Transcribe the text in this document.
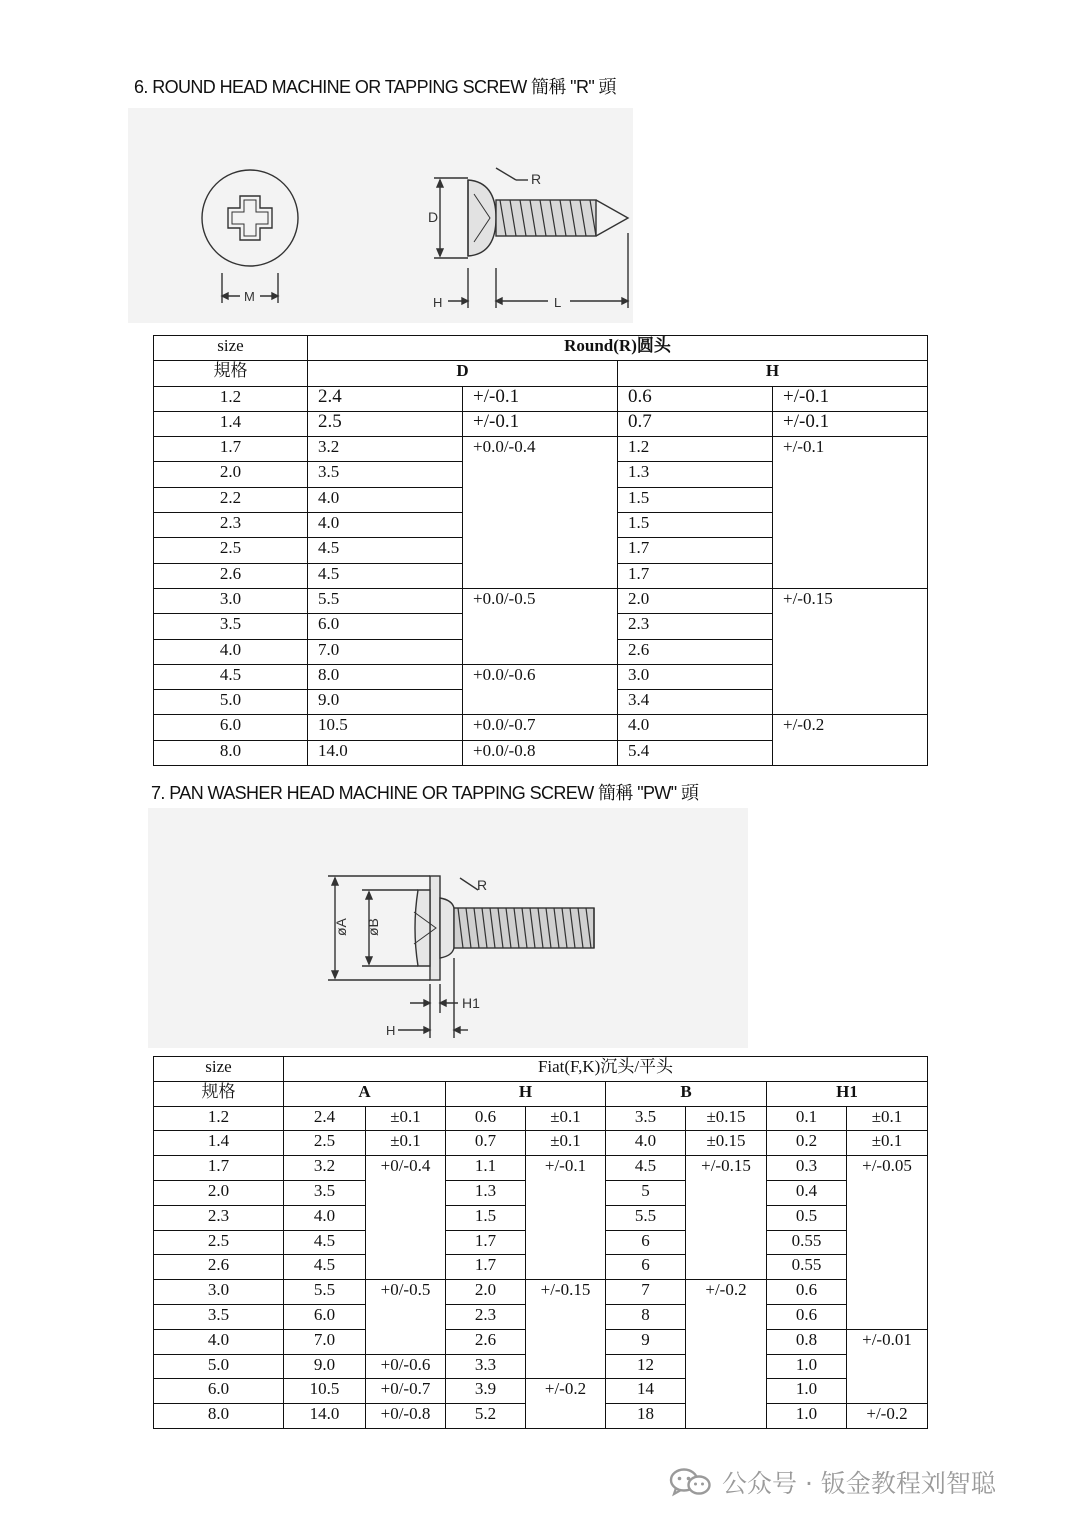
6. ROUND HEAD MACHINE OR TAPPING SCREW 簡稱 "R" 頭
M
R
D
H	L
size	Round(R)圆头			
規格	D		H	
1.2	2.4	+/-0.1	0.6	+/-0.1
1.4	2.5	+/-0.1	0.7	+/-0.1
1.7	3.2	+0.0/-0.4	1.2	+/-0.1
2.0	3.5		1.3	
2.2	4.0		1.5	
2.3	4.0		1.5	
2.5	4.5		1.7	
2.6	4.5		1.7	
3.0	5.5	+0.0/-0.5	2.0	+/-0.15
3.5	6.0		2.3	
4.0	7.0		2.6	
4.5	8.0	+0.0/-0.6	3.0	
5.0	9.0		3.4	
6.0	10.5	+0.0/-0.7	4.0	+/-0.2
8.0	14.0	+0.0/-0.8	5.4	
7. PAN WASHER HEAD MACHINE OR TAPPING SCREW 簡稱 "PW" 頭
R
øA øB
H1
H
size	Fiat(F,K)沉头/平头							
规格	A		H		B		H1	
1.2	2.4	±0.1	0.6	±0.1	3.5	±0.15	0.1	±0.1
1.4	2.5	±0.1	0.7	±0.1	4.0	±0.15	0.2	±0.1
1.7	3.2	+0/-0.4	1.1	+/-0.1	4.5	+/-0.15	0.3	+/-0.05
2.0	3.5		1.3		5		0.4	
2.3	4.0		1.5		5.5		0.5	
2.5	4.5		1.7		6		0.55	
2.6	4.5		1.7		6		0.55	
3.0	5.5	+0/-0.5	2.0	+/-0.15	7	+/-0.2	0.6	
3.5	6.0		2.3		8		0.6	
4.0	7.0		2.6		9		0.8	+/-0.01
5.0	9.0	+0/-0.6	3.3		12		1.0	
6.0	10.5	+0/-0.7	3.9	+/-0.2	14		1.0	
8.0	14.0	+0/-0.8	5.2		18		1.0	+/-0.2
公众号 · 钣金教程刘智聪
